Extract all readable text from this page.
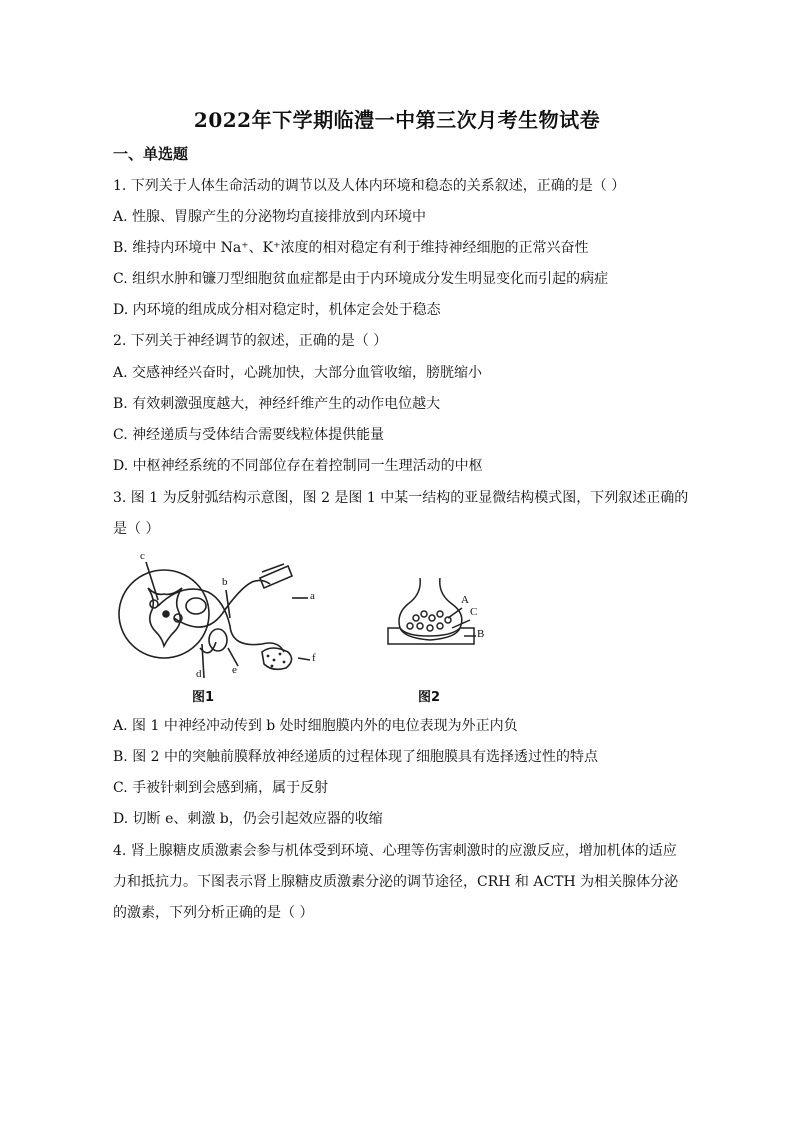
2022年下学期临澧一中第三次月考生物试卷
一、单选题
1. 下列关于人体生命活动的调节以及人体内环境和稳态的关系叙述，正确的是（ ）
A. 性腺、胃腺产生的分泌物均直接排放到内环境中
B. 维持内环境中 Na⁺、K⁺浓度的相对稳定有利于维持神经细胞的正常兴奋性
C. 组织水肿和镰刀型细胞贫血症都是由于内环境成分发生明显变化而引起的病症
D. 内环境的组成成分相对稳定时，机体定会处于稳态
2. 下列关于神经调节的叙述，正确的是（ ）
A. 交感神经兴奋时，心跳加快，大部分血管收缩，膀胱缩小
B. 有效刺激强度越大，神经纤维产生的动作电位越大
C. 神经递质与受体结合需要线粒体提供能量
D. 中枢神经系统的不同部位存在着控制同一生理活动的中枢
3. 图 1 为反射弧结构示意图，图 2 是图 1 中某一结构的亚显微结构模式图，下列叙述正确的
是（ ）
c
b
a
d	e
f
图1
A
C
B
图2
A. 图 1 中神经冲动传到 b 处时细胞膜内外的电位表现为外正内负
B. 图 2 中的突触前膜释放神经递质的过程体现了细胞膜具有选择透过性的特点
C. 手被针刺到会感到痛，属于反射
D. 切断 e、刺激 b，仍会引起效应器的收缩
4. 肾上腺糖皮质激素会参与机体受到环境、心理等伤害刺激时的应激反应，增加机体的适应力和抵抗力。下图表示肾上腺糖皮质激素分泌的调节途径，CRH 和 ACTH 为相关腺体分泌的激素，下列分析正确的是（ ）
